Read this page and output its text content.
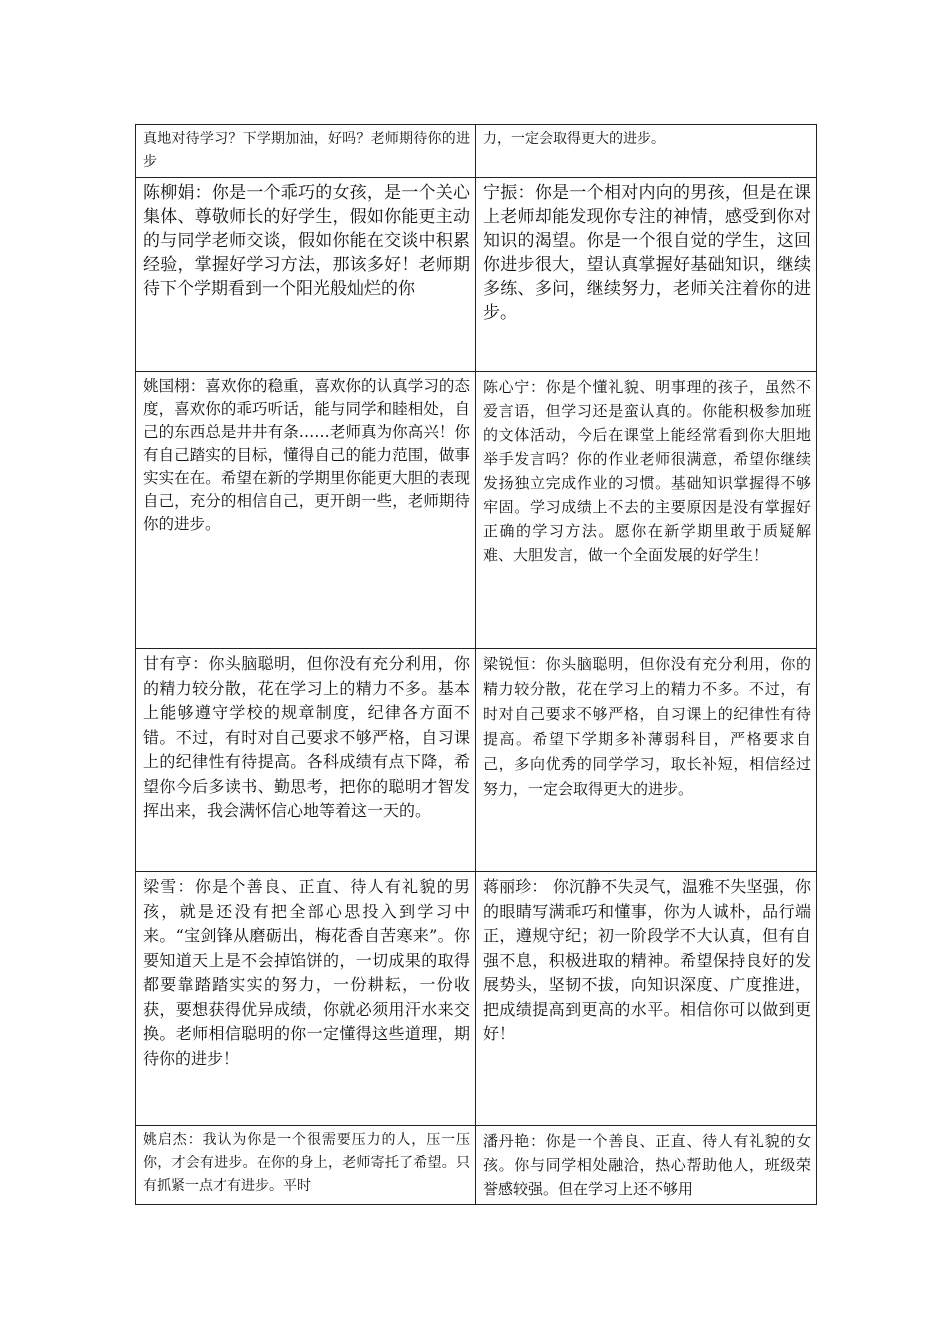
真地对待学习？下学期加油，好吗？老师期待你的进步	力，一定会取得更大的进步。
陈柳娟：你是一个乖巧的女孩，是一个关心集体、尊敬师长的好学生，假如你能更主动的与同学老师交谈，假如你能在交谈中积累经验，掌握好学习方法，那该多好！老师期待下个学期看到一个阳光般灿烂的你	宁振：你是一个相对内向的男孩，但是在课上老师却能发现你专注的神情，感受到你对知识的渴望。你是一个很自觉的学生，这回你进步很大，望认真掌握好基础知识，继续多练、多问，继续努力，老师关注着你的进步。
姚国栩：喜欢你的稳重，喜欢你的认真学习的态度，喜欢你的乖巧听话，能与同学和睦相处，自己的东西总是井井有条……老师真为你高兴！你有自己踏实的目标，懂得自己的能力范围，做事实实在在。希望在新的学期里你能更大胆的表现自己，充分的相信自己，更开朗一些，老师期待你的进步。	陈心宁：你是个懂礼貌、明事理的孩子，虽然不爱言语，但学习还是蛮认真的。你能积极参加班的文体活动，今后在课堂上能经常看到你大胆地举手发言吗？你的作业老师很满意，希望你继续发扬独立完成作业的习惯。基础知识掌握得不够牢固。学习成绩上不去的主要原因是没有掌握好正确的学习方法。愿你在新学期里敢于质疑解难、大胆发言，做一个全面发展的好学生！
甘有亨：你头脑聪明，但你没有充分利用，你的精力较分散，花在学习上的精力不多。基本上能够遵守学校的规章制度，纪律各方面不错。不过，有时对自己要求不够严格，自习课上的纪律性有待提高。各科成绩有点下降，希望你今后多读书、勤思考，把你的聪明才智发挥出来，我会满怀信心地等着这一天的。	梁锐恒：你头脑聪明，但你没有充分利用，你的精力较分散，花在学习上的精力不多。不过，有时对自己要求不够严格，自习课上的纪律性有待提高。希望下学期多补薄弱科目，严格要求自己，多向优秀的同学学习，取长补短，相信经过努力，一定会取得更大的进步。
梁雪：你是个善良、正直、待人有礼貌的男孩，就是还没有把全部心思投入到学习中来。“宝剑锋从磨砺出，梅花香自苦寒来”。你要知道天上是不会掉馅饼的，一切成果的取得都要靠踏踏实实的努力，一份耕耘，一份收获，要想获得优异成绩，你就必须用汗水来交换。老师相信聪明的你一定懂得这些道理，期待你的进步！	蒋丽珍： 你沉静不失灵气，温雅不失坚强，你的眼睛写满乖巧和懂事，你为人诚朴，品行端正，遵规守纪；初一阶段学不大认真，但有自强不息，积极进取的精神。希望保持良好的发展势头，坚韧不拔，向知识深度、广度推进，把成绩提高到更高的水平。相信你可以做到更好！
姚启杰：我认为你是一个很需要压力的人，压一压你，才会有进步。在你的身上，老师寄托了希望。只有抓紧一点才有进步。平时	潘丹艳：你是一个善良、正直、待人有礼貌的女孩。你与同学相处融洽，热心帮助他人，班级荣誉感较强。但在学习上还不够用
